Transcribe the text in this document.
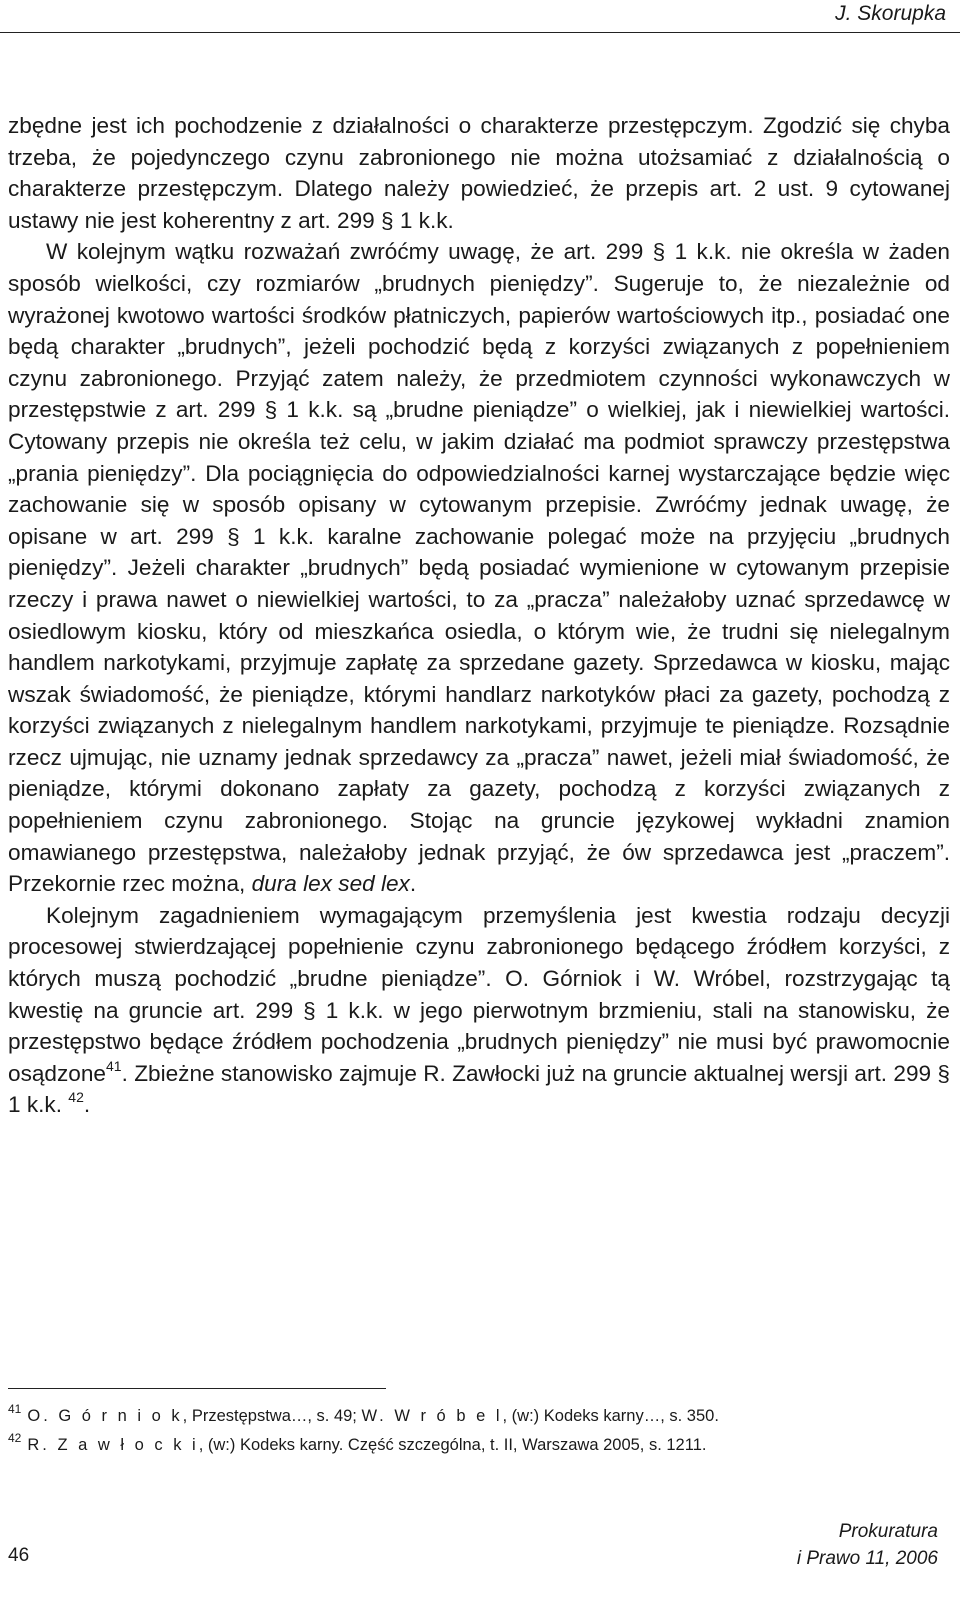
J. Skorupka

zbędne jest ich pochodzenie z działalności o charakterze przestępczym. Zgodzić się chyba trzeba, że pojedynczego czynu zabronionego nie można utożsamiać z działalnością o charakterze przestępczym. Dlatego należy powiedzieć, że przepis art. 2 ust. 9 cytowanej ustawy nie jest koherentny z art. 299 § 1 k.k.

W kolejnym wątku rozważań zwróćmy uwagę, że art. 299 § 1 k.k. nie określa w żaden sposób wielkości, czy rozmiarów „brudnych pieniędzy”. Sugeruje to, że niezależnie od wyrażonej kwotowo wartości środków płatniczych, papierów wartościowych itp., posiadać one będą charakter „brudnych”, jeżeli pochodzić będą z korzyści związanych z popełnieniem czynu zabronionego. Przyjąć zatem należy, że przedmiotem czynności wykonawczych w przestępstwie z art. 299 § 1 k.k. są „brudne pieniądze” o wielkiej, jak i niewielkiej wartości. Cytowany przepis nie określa też celu, w jakim działać ma podmiot sprawczy przestępstwa „prania pieniędzy”. Dla pociągnięcia do odpowiedzialności karnej wystarczające będzie więc zachowanie się w sposób opisany w cytowanym przepisie. Zwróćmy jednak uwagę, że opisane w art. 299 § 1 k.k. karalne zachowanie polegać może na przyjęciu „brudnych pieniędzy”. Jeżeli charakter „brudnych” będą posiadać wymienione w cytowanym przepisie rzeczy i prawa nawet o niewielkiej wartości, to za „pracza” należałoby uznać sprzedawcę w osiedlowym kiosku, który od mieszkańca osiedla, o którym wie, że trudni się nielegalnym handlem narkotykami, przyjmuje zapłatę za sprzedane gazety. Sprzedawca w kiosku, mając wszak świadomość, że pieniądze, którymi handlarz narkotyków płaci za gazety, pochodzą z korzyści związanych z nielegalnym handlem narkotykami, przyjmuje te pieniądze. Rozsądnie rzecz ujmując, nie uznamy jednak sprzedawcy za „pracza” nawet, jeżeli miał świadomość, że pieniądze, którymi dokonano zapłaty za gazety, pochodzą z korzyści związanych z popełnieniem czynu zabronionego. Stojąc na gruncie językowej wykładni znamion omawianego przestępstwa, należałoby jednak przyjąć, że ów sprzedawca jest „praczem”. Przekornie rzec można, dura lex sed lex.

Kolejnym zagadnieniem wymagającym przemyślenia jest kwestia rodzaju decyzji procesowej stwierdzającej popełnienie czynu zabronionego będącego źródłem korzyści, z których muszą pochodzić „brudne pieniądze”. O. Górniok i W. Wróbel, rozstrzygając tą kwestię na gruncie art. 299 § 1 k.k. w jego pierwotnym brzmieniu, stali na stanowisku, że przestępstwo będące źródłem pochodzenia „brudnych pieniędzy” nie musi być prawomocnie osądzone$^{41}$. Zbieżne stanowisko zajmuje R. Zawłocki już na gruncie aktualnej wersji art. 299 § 1 k.k. $^{42}$.

$^{41}$ O. G ó r n i o k, Przestępstwa…, s. 49; W. W r ó b e l, (w:) Kodeks karny…, s. 350.
$^{42}$ R. Z a w ł o c k i, (w:) Kodeks karny. Część szczególna, t. II, Warszawa 2005, s. 1211.
46
Prokuratura
i Prawo 11, 2006
